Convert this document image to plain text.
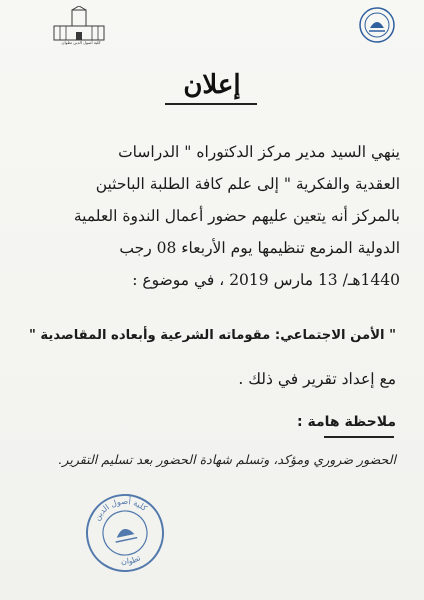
كلية أصول الدين تطوان
إعلان
ينهي السيد مدير مركز الدكتوراه " الدراسات
العقدية والفكرية " إلى علم كافة الطلبة الباحثين
بالمركز أنه يتعين عليهم حضور أعمال الندوة العلمية
الدولية المزمع تنظيمها يوم الأربعاء 08 رجب
1440هـ/ 13 مارس 2019 ، في موضوع :
" الأمن الاجتماعي: مقوماته الشرعية وأبعاده المقاصدية "
مع إعداد تقرير في ذلك .
ملاحظة هامة :
الحضور ضروري ومؤكد، وتسلم شهادة الحضور بعد تسليم التقرير.
كلية أصول الدين
تطوان
